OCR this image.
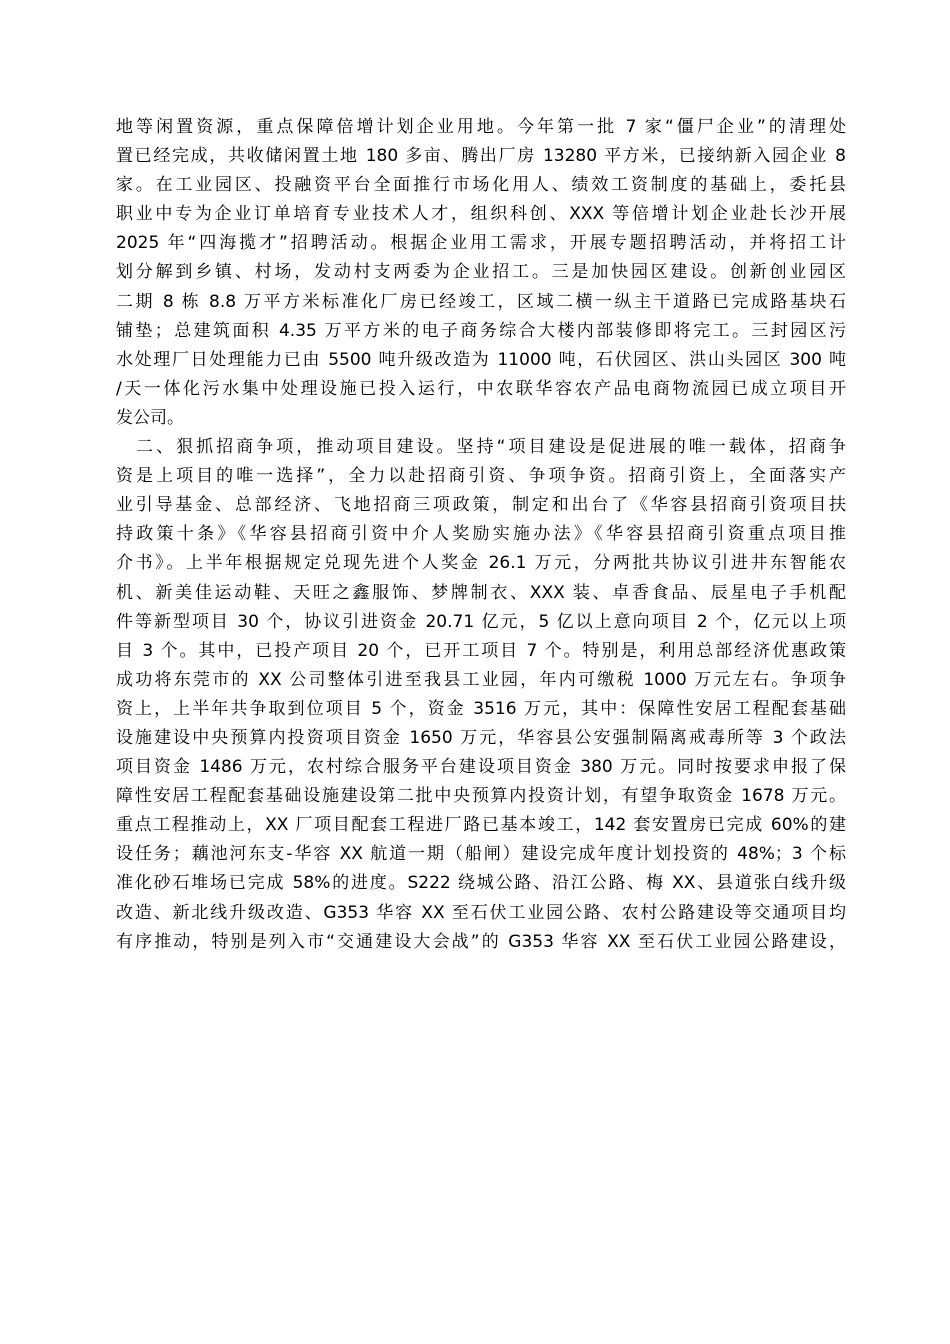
地等闲置资源，重点保障倍增计划企业用地。今年第一批 7 家“僵尸企业”的清理处
置已经完成，共收储闲置土地 180 多亩、腾出厂房 13280 平方米，已接纳新入园企业 8
家。在工业园区、投融资平台全面推行市场化用人、绩效工资制度的基础上，委托县
职业中专为企业订单培育专业技术人才，组织科创、XXX 等倍增计划企业赴长沙开展
2025 年“四海揽才”招聘活动。根据企业用工需求，开展专题招聘活动，并将招工计
划分解到乡镇、村场，发动村支两委为企业招工。三是加快园区建设。创新创业园区
二期 8 栋 8.8 万平方米标准化厂房已经竣工，区域二横一纵主干道路已完成路基块石
铺垫；总建筑面积 4.35 万平方米的电子商务综合大楼内部装修即将完工。三封园区污
水处理厂日处理能力已由 5500 吨升级改造为 11000 吨，石伏园区、洪山头园区 300 吨
/天一体化污水集中处理设施已投入运行，中农联华容农产品电商物流园已成立项目开
发公司。
　二、狠抓招商争项，推动项目建设。坚持“项目建设是促进展的唯一载体，招商争
资是上项目的唯一选择”，全力以赴招商引资、争项争资。招商引资上，全面落实产
业引导基金、总部经济、飞地招商三项政策，制定和出台了《华容县招商引资项目扶
持政策十条》《华容县招商引资中介人奖励实施办法》《华容县招商引资重点项目推
介书》。上半年根据规定兑现先进个人奖金 26.1 万元，分两批共协议引进井东智能农
机、新美佳运动鞋、天旺之鑫服饰、梦牌制衣、XXX 装、卓香食品、辰星电子手机配
件等新型项目 30 个，协议引进资金 20.71 亿元，5 亿以上意向项目 2 个，亿元以上项
目 3 个。其中，已投产项目 20 个，已开工项目 7 个。特别是，利用总部经济优惠政策
成功将东莞市的 XX 公司整体引进至我县工业园，年内可缴税 1000 万元左右。争项争
资上，上半年共争取到位项目 5 个，资金 3516 万元，其中：保障性安居工程配套基础
设施建设中央预算内投资项目资金 1650 万元，华容县公安强制隔离戒毒所等 3 个政法
项目资金 1486 万元，农村综合服务平台建设项目资金 380 万元。同时按要求申报了保
障性安居工程配套基础设施建设第二批中央预算内投资计划，有望争取资金 1678 万元。
重点工程推动上，XX 厂项目配套工程进厂路已基本竣工，142 套安置房已完成 60%的建
设任务；藕池河东支-华容 XX 航道一期（船闸）建设完成年度计划投资的 48%；3 个标
准化砂石堆场已完成 58%的进度。S222 绕城公路、沿江公路、梅 XX、县道张白线升级
改造、新北线升级改造、G353 华容 XX 至石伏工业园公路、农村公路建设等交通项目均
有序推动，特别是列入市“交通建设大会战”的 G353 华容 XX 至石伏工业园公路建设，
